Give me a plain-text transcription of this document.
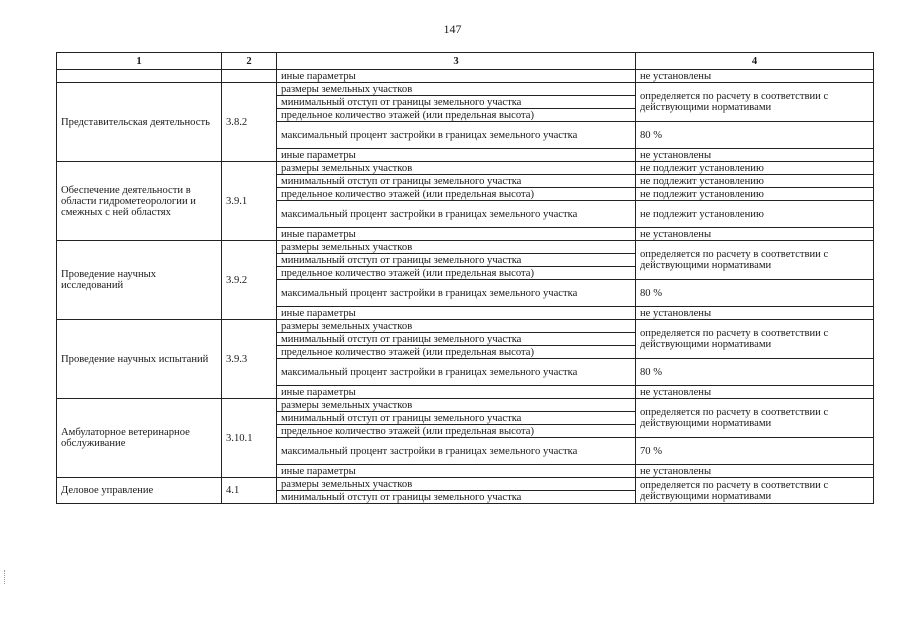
147
1	2	3	4
		иные параметры	не установлены
Представительская деятельность	3.8.2	размеры земельных участков	определяется по расчету в соответствии с действующими нормативами
		минимальный отступ от границы земельного участка	
		предельное количество этажей (или предельная высота)	
		максимальный процент застройки в границах земельного участка	80 %
		иные параметры	не установлены
Обеспечение деятельности в области гидрометеорологии и смежных с ней областях	3.9.1	размеры земельных участков	не подлежит установлению
		минимальный отступ от границы земельного участка	не подлежит установлению
		предельное количество этажей (или предельная высота)	не подлежит установлению
		максимальный процент застройки в границах земельного участка	не подлежит установлению
		иные параметры	не установлены
Проведение научных исследований	3.9.2	размеры земельных участков	определяется по расчету в соответствии с действующими нормативами
		минимальный отступ от границы земельного участка	
		предельное количество этажей (или предельная высота)	
		максимальный процент застройки в границах земельного участка	80 %
		иные параметры	не установлены
Проведение научных испытаний	3.9.3	размеры земельных участков	определяется по расчету в соответствии с действующими нормативами
		минимальный отступ от границы земельного участка	
		предельное количество этажей (или предельная высота)	
		максимальный процент застройки в границах земельного участка	80 %
		иные параметры	не установлены
Амбулаторное ветеринарное обслуживание	3.10.1	размеры земельных участков	определяется по расчету в соответствии с действующими нормативами
		минимальный отступ от границы земельного участка	
		предельное количество этажей (или предельная высота)	
		максимальный процент застройки в границах земельного участка	70 %
		иные параметры	не установлены
Деловое управление	4.1	размеры земельных участков	определяется по расчету в соответствии с действующими нормативами
		минимальный отступ от границы земельного участка	
